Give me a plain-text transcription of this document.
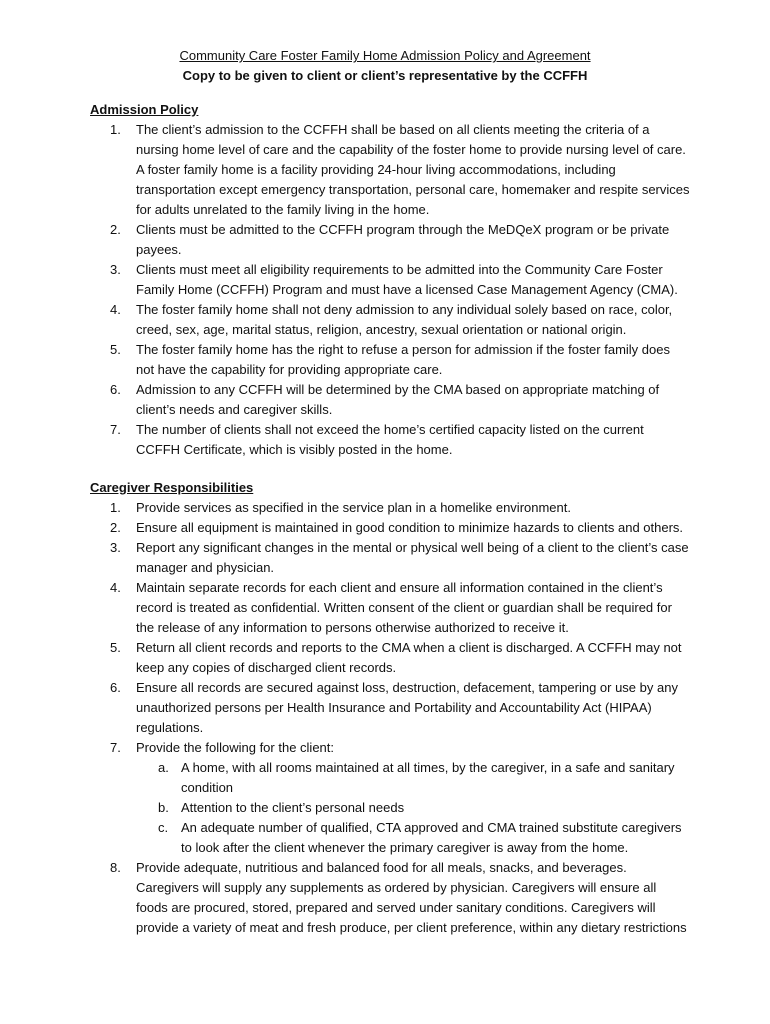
Community Care Foster Family Home Admission Policy and Agreement
Copy to be given to client or client’s representative by the CCFFH
Admission Policy
1.	The client’s admission to the CCFFH shall be based on all clients meeting the criteria of a nursing home level of care and the capability of the foster home to provide nursing level of care. A foster family home is a facility providing 24-hour living accommodations, including transportation except emergency transportation, personal care, homemaker and respite services for adults unrelated to the family living in the home.
2.	Clients must be admitted to the CCFFH program through the MeDQeX program or be private payees.
3.	Clients must meet all eligibility requirements to be admitted into the Community Care Foster Family Home (CCFFH) Program and must have a licensed Case Management Agency (CMA).
4.	The foster family home shall not deny admission to any individual solely based on race, color, creed, sex, age, marital status, religion, ancestry, sexual orientation or national origin.
5.	The foster family home has the right to refuse a person for admission if the foster family does not have the capability for providing appropriate care.
6.	Admission to any CCFFH will be determined by the CMA based on appropriate matching of client’s needs and caregiver skills.
7.	The number of clients shall not exceed the home’s certified capacity listed on the current CCFFH Certificate, which is visibly posted in the home.
Caregiver Responsibilities
1.	Provide services as specified in the service plan in a homelike environment.
2.	Ensure all equipment is maintained in good condition to minimize hazards to clients and others.
3.	Report any significant changes in the mental or physical well being of a client to the client’s case manager and physician.
4.	Maintain separate records for each client and ensure all information contained in the client’s record is treated as confidential. Written consent of the client or guardian shall be required for the release of any information to persons otherwise authorized to receive it.
5.	Return all client records and reports to the CMA when a client is discharged. A CCFFH may not keep any copies of discharged client records.
6.	Ensure all records are secured against loss, destruction, defacement, tampering or use by any unauthorized persons per Health Insurance and Portability and Accountability Act (HIPAA) regulations.
7.	Provide the following for the client:
a. A home, with all rooms maintained at all times, by the caregiver, in a safe and sanitary condition
b. Attention to the client’s personal needs
c. An adequate number of qualified, CTA approved and CMA trained substitute caregivers to look after the client whenever the primary caregiver is away from the home.
8.	Provide adequate, nutritious and balanced food for all meals, snacks, and beverages. Caregivers will supply any supplements as ordered by physician. Caregivers will ensure all foods are procured, stored, prepared and served under sanitary conditions. Caregivers will provide a variety of meat and fresh produce, per client preference, within any dietary restrictions
